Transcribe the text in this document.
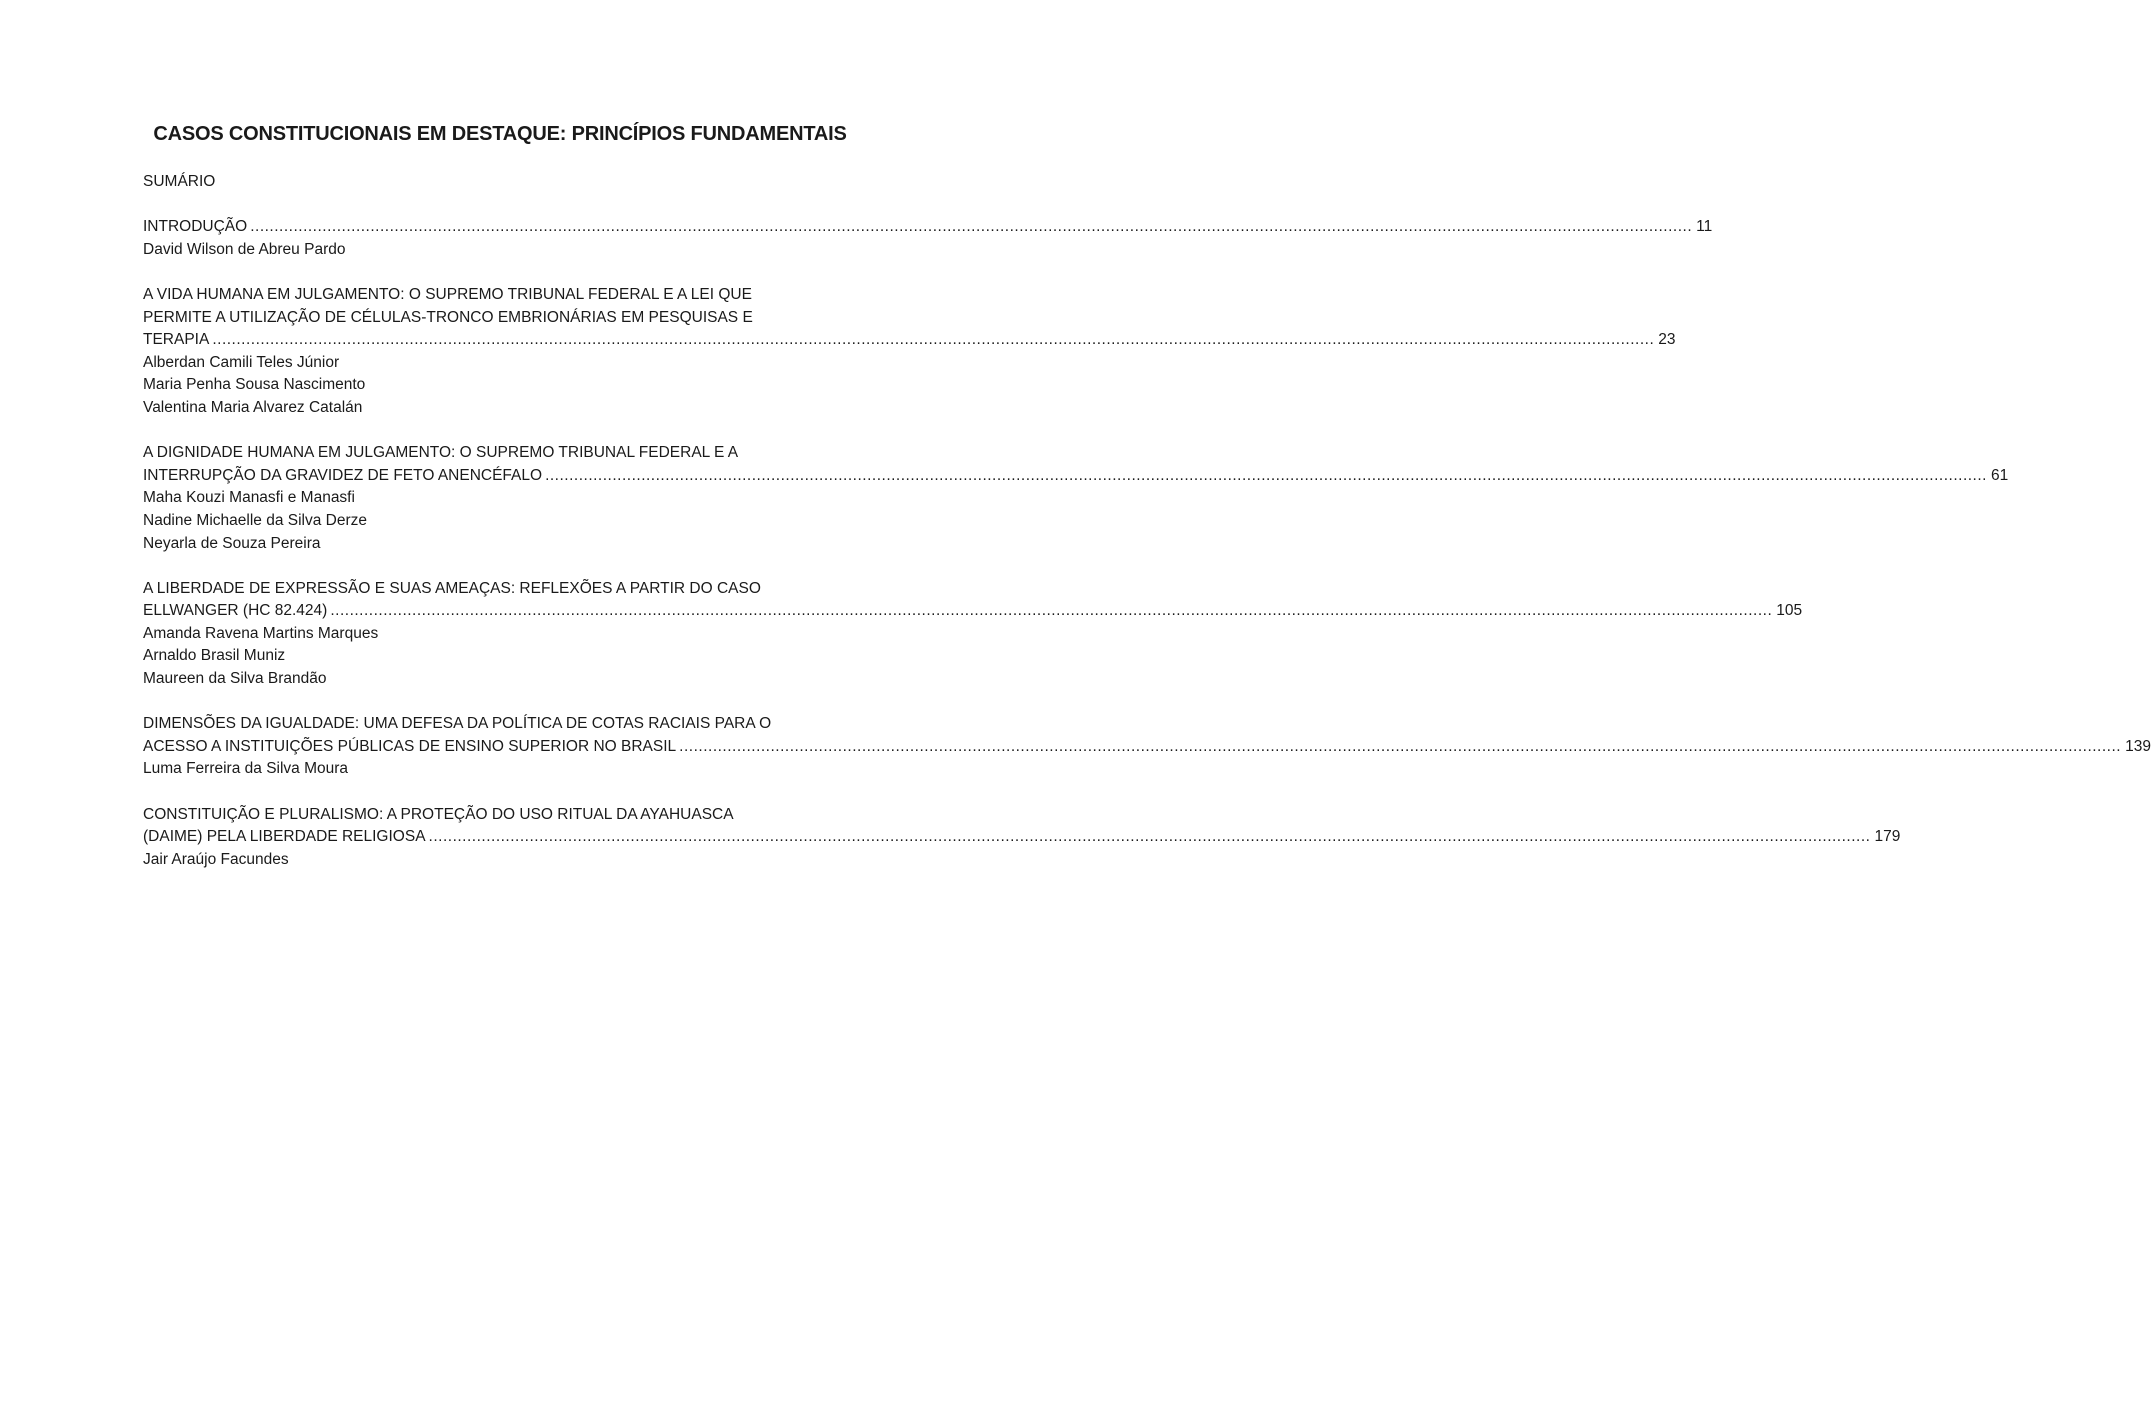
CASOS CONSTITUCIONAIS EM DESTAQUE: PRINCÍPIOS FUNDAMENTAIS
SUMÁRIO
INTRODUÇÃO ............................................................................................................................................................................................................................................................................................................ 11
David Wilson de Abreu Pardo
A VIDA HUMANA EM JULGAMENTO: O SUPREMO TRIBUNAL FEDERAL E A LEI QUE
PERMITE A UTILIZAÇÃO DE CÉLULAS-TRONCO EMBRIONÁRIAS EM PESQUISAS E
TERAPIA ............................................................................................................................................................................................................................................................................................................ 23
Alberdan Camili Teles Júnior
Maria Penha Sousa Nascimento
Valentina Maria Alvarez Catalán
A DIGNIDADE HUMANA EM JULGAMENTO: O SUPREMO TRIBUNAL FEDERAL E A
INTERRUPÇÃO DA GRAVIDEZ DE FETO ANENCÉFALO ............................................................................................................................................................................................................................................................................................................ 61
Maha Kouzi Manasfi e Manasfi
Nadine Michaelle da Silva Derze
Neyarla de Souza Pereira
A LIBERDADE DE EXPRESSÃO E SUAS AMEAÇAS: REFLEXÕES A PARTIR DO CASO
ELLWANGER (HC 82.424) ............................................................................................................................................................................................................................................................................................................ 105
Amanda Ravena Martins Marques
Arnaldo Brasil Muniz
Maureen da Silva Brandão
DIMENSÕES DA IGUALDADE: UMA DEFESA DA POLÍTICA DE COTAS RACIAIS PARA O
ACESSO A INSTITUIÇÕES PÚBLICAS DE ENSINO SUPERIOR NO BRASIL ............................................................................................................................................................................................................................................................................................................ 139
Luma Ferreira da Silva Moura
CONSTITUIÇÃO E PLURALISMO: A PROTEÇÃO DO USO RITUAL DA AYAHUASCA
(DAIME) PELA LIBERDADE RELIGIOSA ............................................................................................................................................................................................................................................................................................................ 179
Jair Araújo Facundes
